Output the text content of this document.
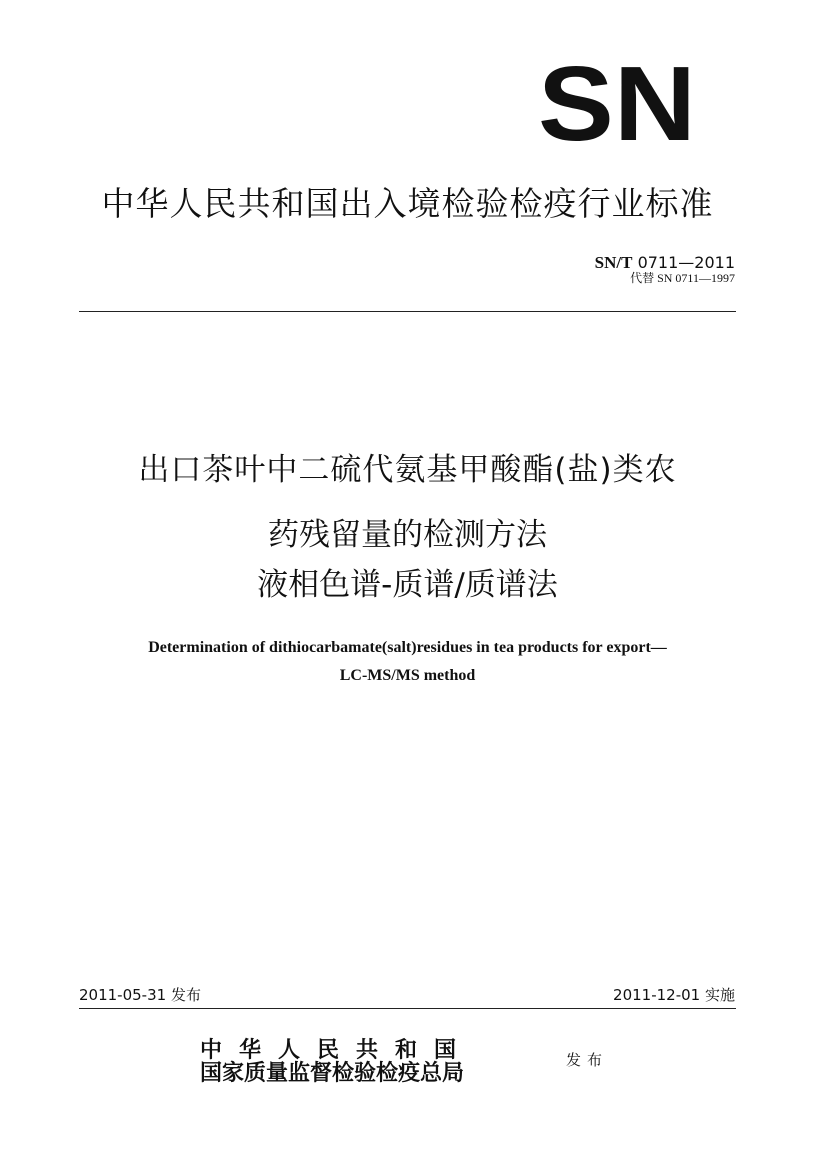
SN
中华人民共和国出入境检验检疫行业标准
SN/T 0711—2011
代替 SN 0711—1997
出口茶叶中二硫代氨基甲酸酯(盐)类农
药残留量的检测方法
液相色谱-质谱/质谱法
Determination of dithiocarbamate(salt)residues in tea products for export—
LC-MS/MS method
2011-05-31 发布	2011-12-01 实施
中华人民共和国
国家质量监督检验检疫总局	发布
